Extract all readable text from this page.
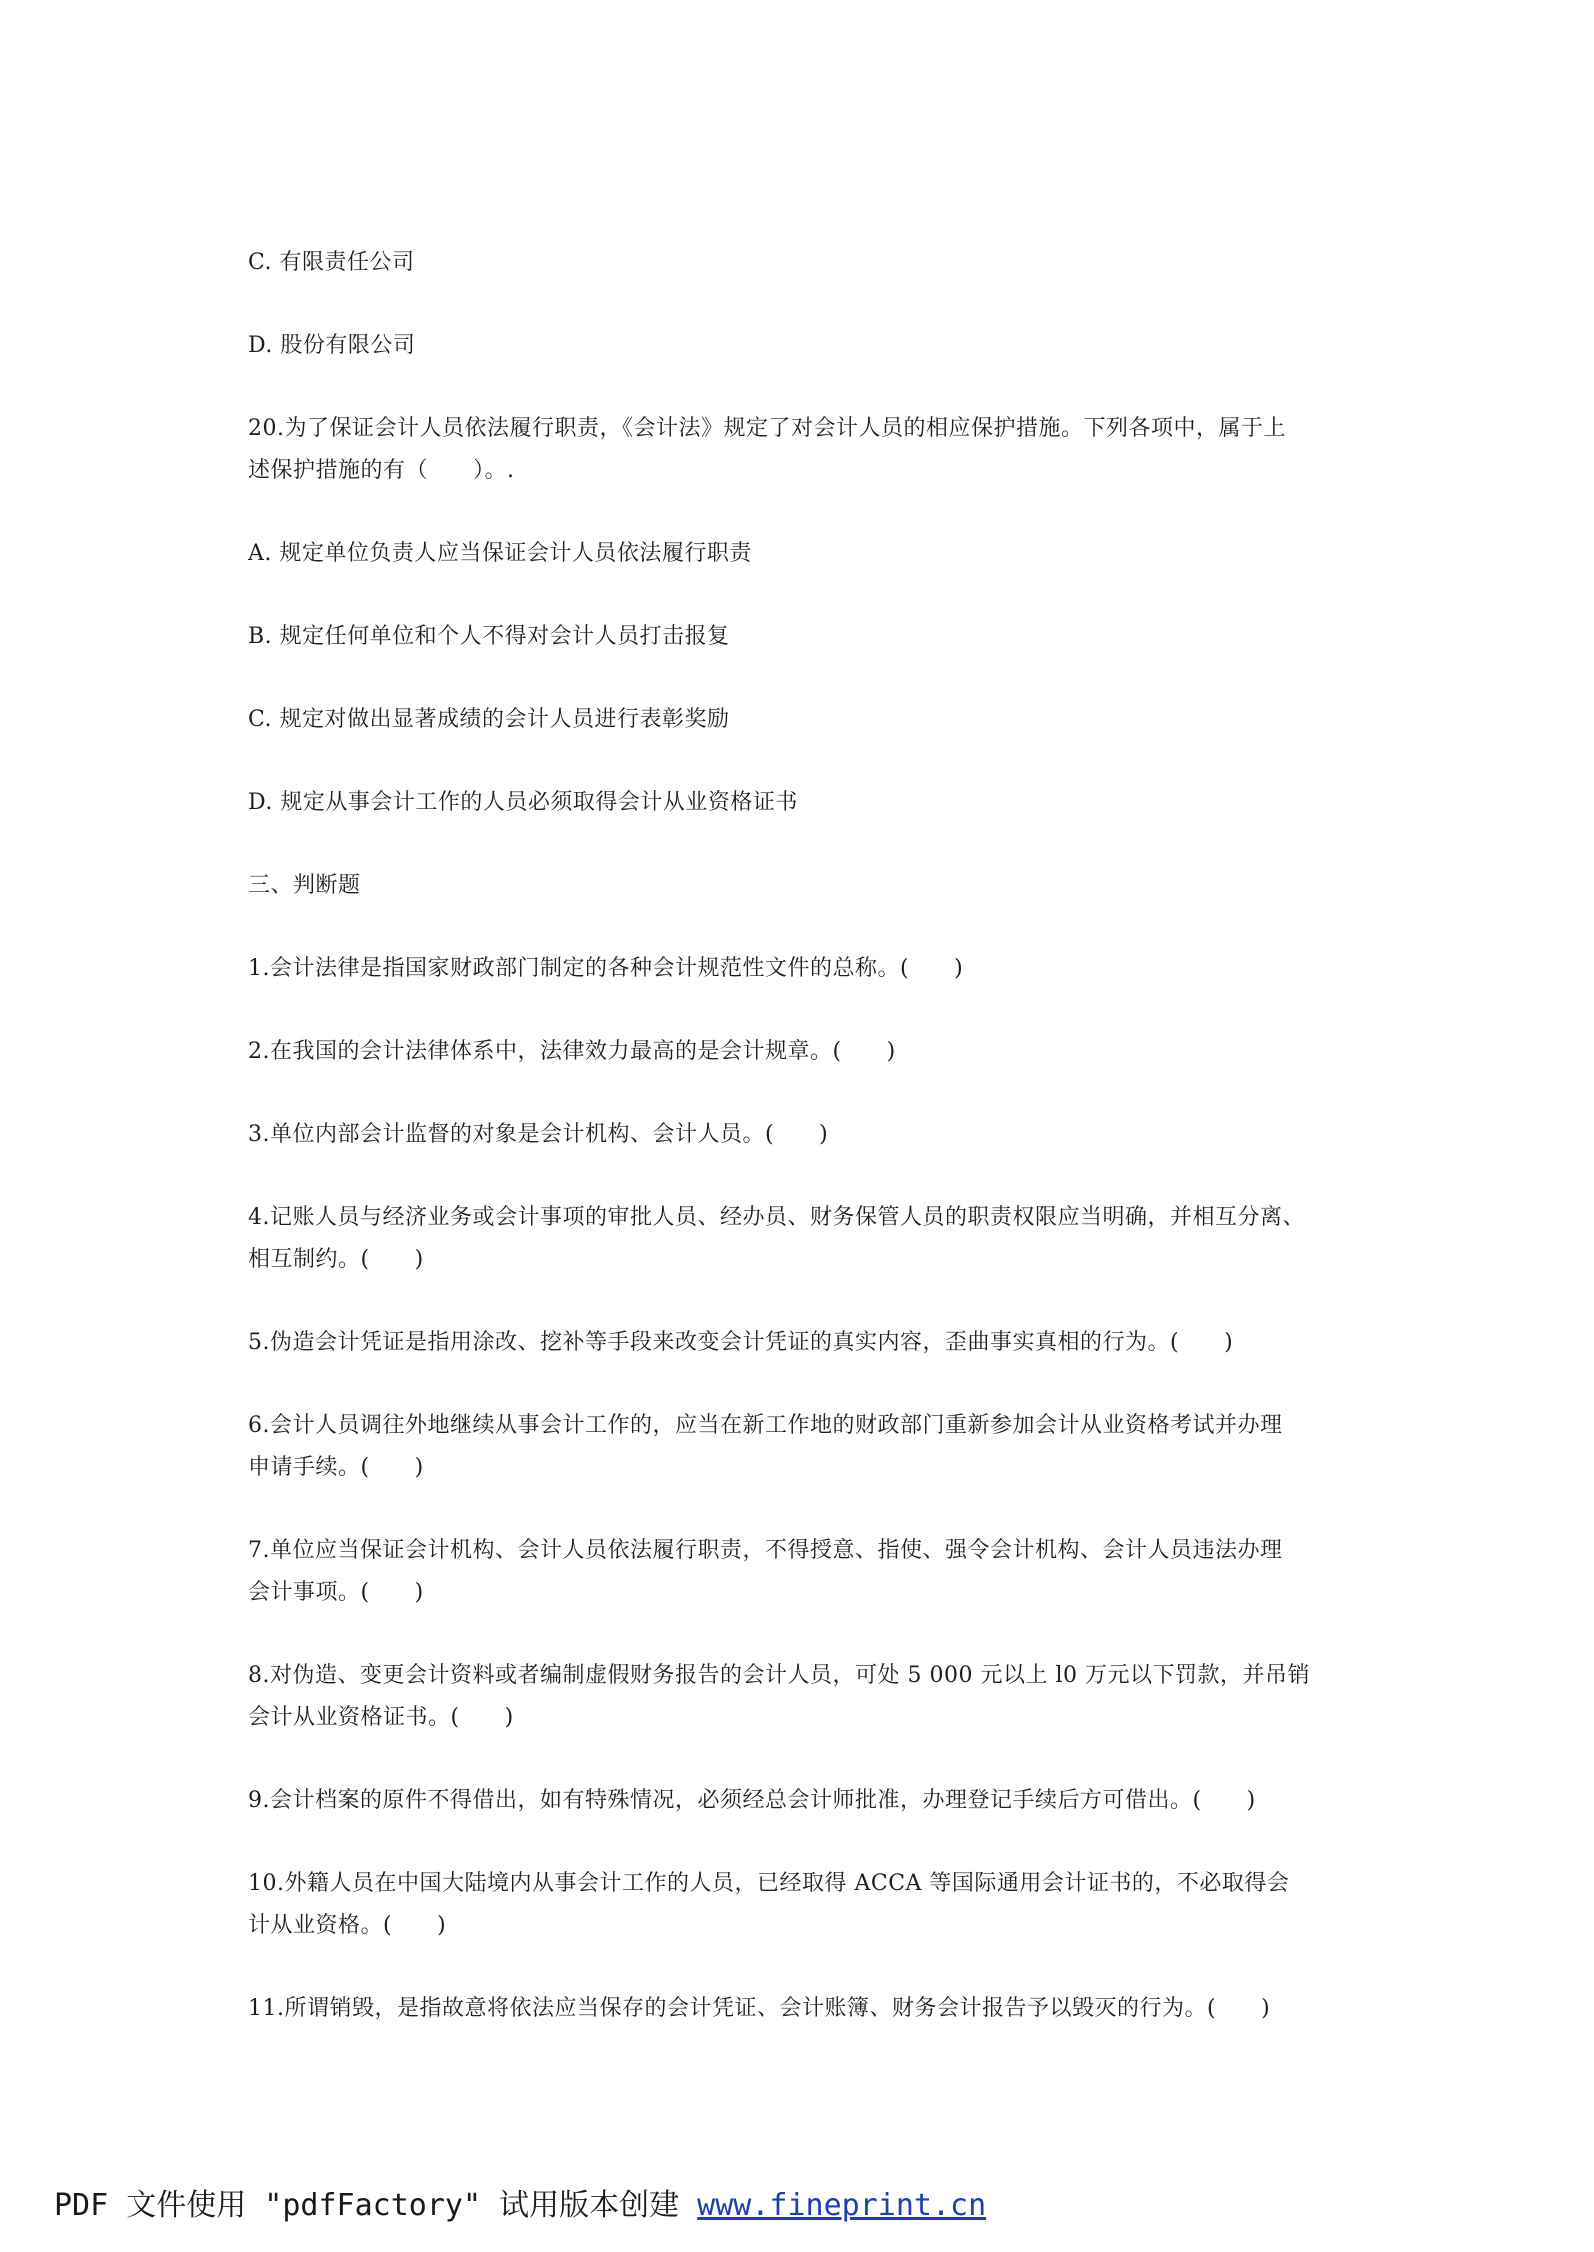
C. 有限责任公司
D. 股份有限公司
20.为了保证会计人员依法履行职责，《会计法》规定了对会计人员的相应保护措施。下列各项中，属于上
述保护措施的有（　　）。.
A. 规定单位负责人应当保证会计人员依法履行职责
B. 规定任何单位和个人不得对会计人员打击报复
C. 规定对做出显著成绩的会计人员进行表彰奖励
D. 规定从事会计工作的人员必须取得会计从业资格证书
三、判断题
1.会计法律是指国家财政部门制定的各种会计规范性文件的总称。(　　)
2.在我国的会计法律体系中，法律效力最高的是会计规章。(　　)
3.单位内部会计监督的对象是会计机构、会计人员。(　　)
4.记账人员与经济业务或会计事项的审批人员、经办员、财务保管人员的职责权限应当明确，并相互分离、
相互制约。(　　)
5.伪造会计凭证是指用涂改、挖补等手段来改变会计凭证的真实内容，歪曲事实真相的行为。(　　)
6.会计人员调往外地继续从事会计工作的，应当在新工作地的财政部门重新参加会计从业资格考试并办理
申请手续。(　　)
7.单位应当保证会计机构、会计人员依法履行职责，不得授意、指使、强令会计机构、会计人员违法办理
会计事项。(　　)
8.对伪造、变更会计资料或者编制虚假财务报告的会计人员，可处 5 000 元以上 l0 万元以下罚款，并吊销
会计从业资格证书。(　　)
9.会计档案的原件不得借出，如有特殊情况，必须经总会计师批准，办理登记手续后方可借出。(　　)
10.外籍人员在中国大陆境内从事会计工作的人员，已经取得 ACCA 等国际通用会计证书的，不必取得会
计从业资格。(　　)
11.所谓销毁，是指故意将依法应当保存的会计凭证、会计账簿、财务会计报告予以毁灭的行为。(　　)
PDF 文件使用 "pdfFactory" 试用版本创建 www.fineprint.cn
